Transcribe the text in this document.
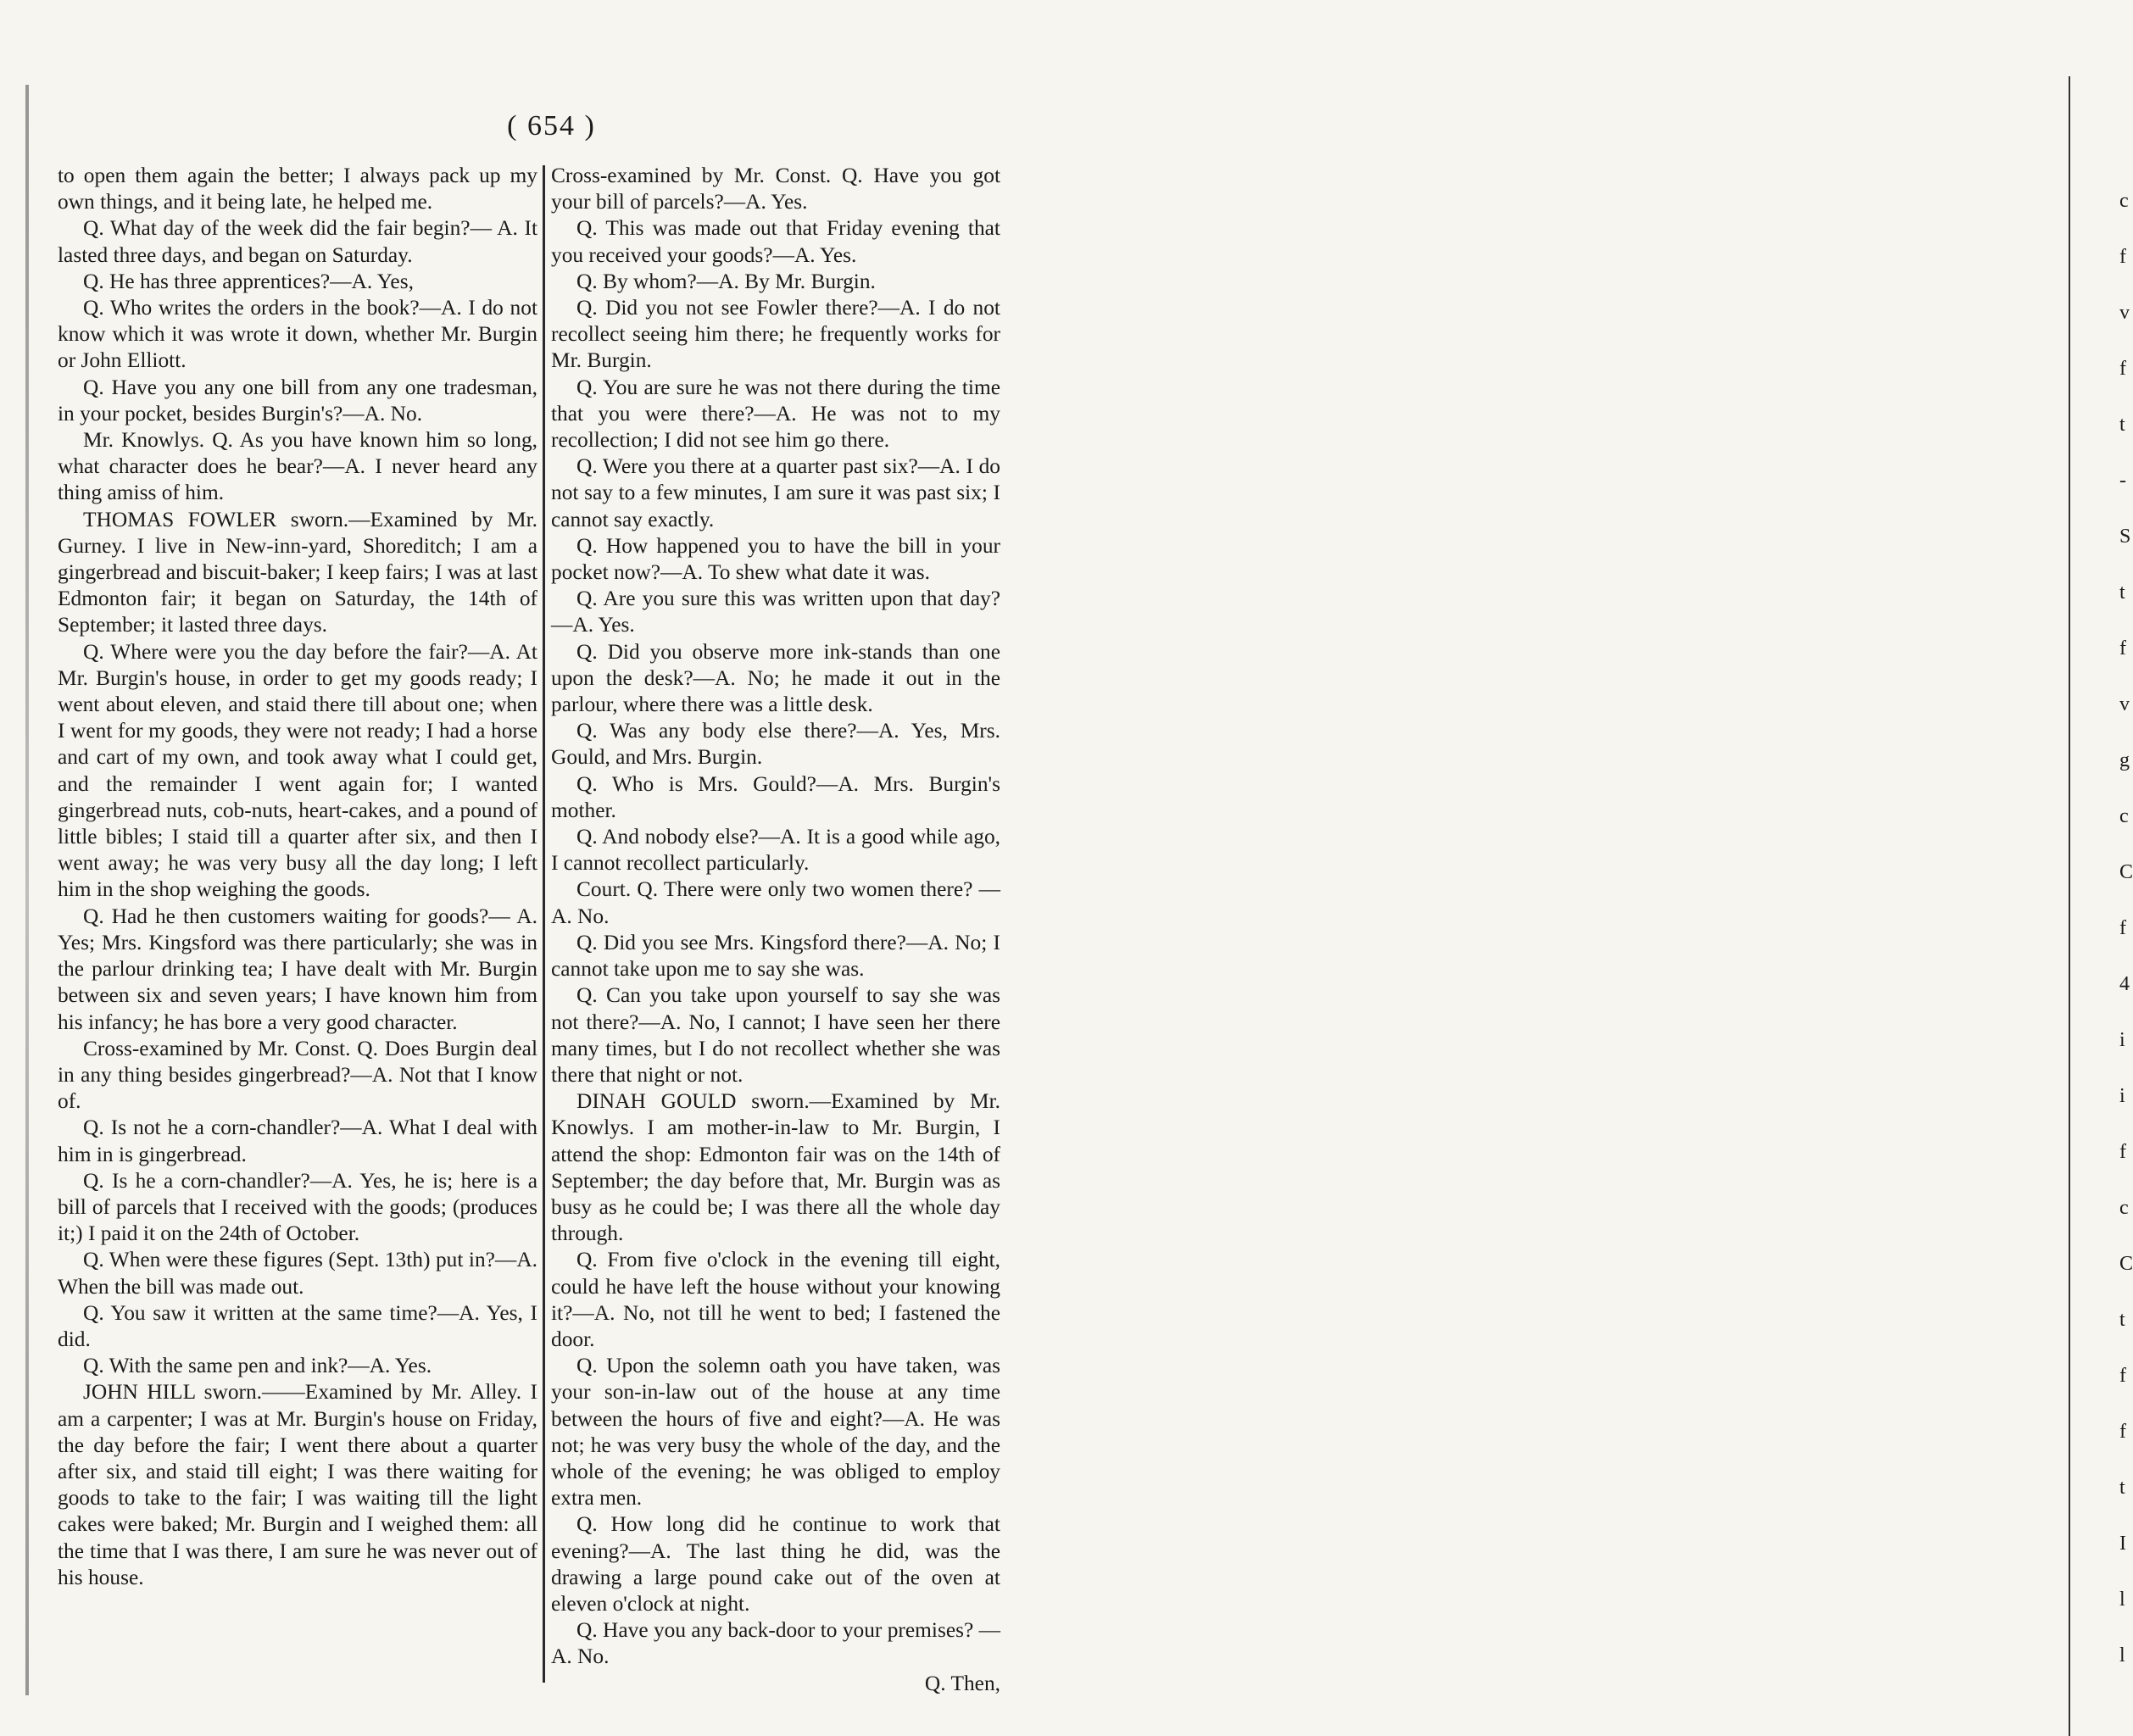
( 654 )

to open them again the better; I always pack up my own things, and it being late, he helped me.

Q. What day of the week did the fair begin?— A. It lasted three days, and began on Saturday.

Q. He has three apprentices?—A. Yes,

Q. Who writes the orders in the book?—A. I do not know which it was wrote it down, whether Mr. Burgin or John Elliott.

Q. Have you any one bill from any one tradesman, in your pocket, besides Burgin's?—A. No.

Mr. Knowlys. Q. As you have known him so long, what character does he bear?—A. I never heard any thing amiss of him.

THOMAS FOWLER sworn.—Examined by Mr. Gurney. I live in New-inn-yard, Shoreditch; I am a gingerbread and biscuit-baker; I keep fairs; I was at last Edmonton fair; it began on Saturday, the 14th of September; it lasted three days.

Q. Where were you the day before the fair?—A. At Mr. Burgin's house, in order to get my goods ready; I went about eleven, and staid there till about one; when I went for my goods, they were not ready; I had a horse and cart of my own, and took away what I could get, and the remainder I went again for; I wanted gingerbread nuts, cob-nuts, heart-cakes, and a pound of little bibles; I staid till a quarter after six, and then I went away; he was very busy all the day long; I left him in the shop weighing the goods.

Q. Had he then customers waiting for goods?— A. Yes; Mrs. Kingsford was there particularly; she was in the parlour drinking tea; I have dealt with Mr. Burgin between six and seven years; I have known him from his infancy; he has bore a very good character.

Cross-examined by Mr. Const. Q. Does Burgin deal in any thing besides gingerbread?—A. Not that I know of.

Q. Is not he a corn-chandler?—A. What I deal with him in is gingerbread.

Q. Is he a corn-chandler?—A. Yes, he is; here is a bill of parcels that I received with the goods; (produces it;) I paid it on the 24th of October.

Q. When were these figures (Sept. 13th) put in?—A. When the bill was made out.

Q. You saw it written at the same time?—A. Yes, I did.

Q. With the same pen and ink?—A. Yes.

JOHN HILL sworn.——Examined by Mr. Alley. I am a carpenter; I was at Mr. Burgin's house on Friday, the day before the fair; I went there about a quarter after six, and staid till eight; I was there waiting for goods to take to the fair; I was waiting till the light cakes were baked; Mr. Burgin and I weighed them: all the time that I was there, I am sure he was never out of his house.

Cross-examined by Mr. Const. Q. Have you got your bill of parcels?—A. Yes.

Q. This was made out that Friday evening that you received your goods?—A. Yes.

Q. By whom?—A. By Mr. Burgin.

Q. Did you not see Fowler there?—A. I do not recollect seeing him there; he frequently works for Mr. Burgin.

Q. You are sure he was not there during the time that you were there?—A. He was not to my recollection; I did not see him go there.

Q. Were you there at a quarter past six?—A. I do not say to a few minutes, I am sure it was past six; I cannot say exactly.

Q. How happened you to have the bill in your pocket now?—A. To shew what date it was.

Q. Are you sure this was written upon that day? —A. Yes.

Q. Did you observe more ink-stands than one upon the desk?—A. No; he made it out in the parlour, where there was a little desk.

Q. Was any body else there?—A. Yes, Mrs. Gould, and Mrs. Burgin.

Q. Who is Mrs. Gould?—A. Mrs. Burgin's mother.

Q. And nobody else?—A. It is a good while ago, I cannot recollect particularly.

Court. Q. There were only two women there? —A. No.

Q. Did you see Mrs. Kingsford there?—A. No; I cannot take upon me to say she was.

Q. Can you take upon yourself to say she was not there?—A. No, I cannot; I have seen her there many times, but I do not recollect whether she was there that night or not.

DINAH GOULD sworn.—Examined by Mr. Knowlys. I am mother-in-law to Mr. Burgin, I attend the shop: Edmonton fair was on the 14th of September; the day before that, Mr. Burgin was as busy as he could be; I was there all the whole day through.

Q. From five o'clock in the evening till eight, could he have left the house without your knowing it?—A. No, not till he went to bed; I fastened the door.

Q. Upon the solemn oath you have taken, was your son-in-law out of the house at any time between the hours of five and eight?—A. He was not; he was very busy the whole of the day, and the whole of the evening; he was obliged to employ extra men.

Q. How long did he continue to work that evening?—A. The last thing he did, was the drawing a large pound cake out of the oven at eleven o'clock at night.

Q. Have you any back-door to your premises? —A. No.

Q. Then,

c
f
v
f
t
-
S
t
f
v
g
c
C
f
4
i
i
f
c
C
t
f
f
t
I
l
l
